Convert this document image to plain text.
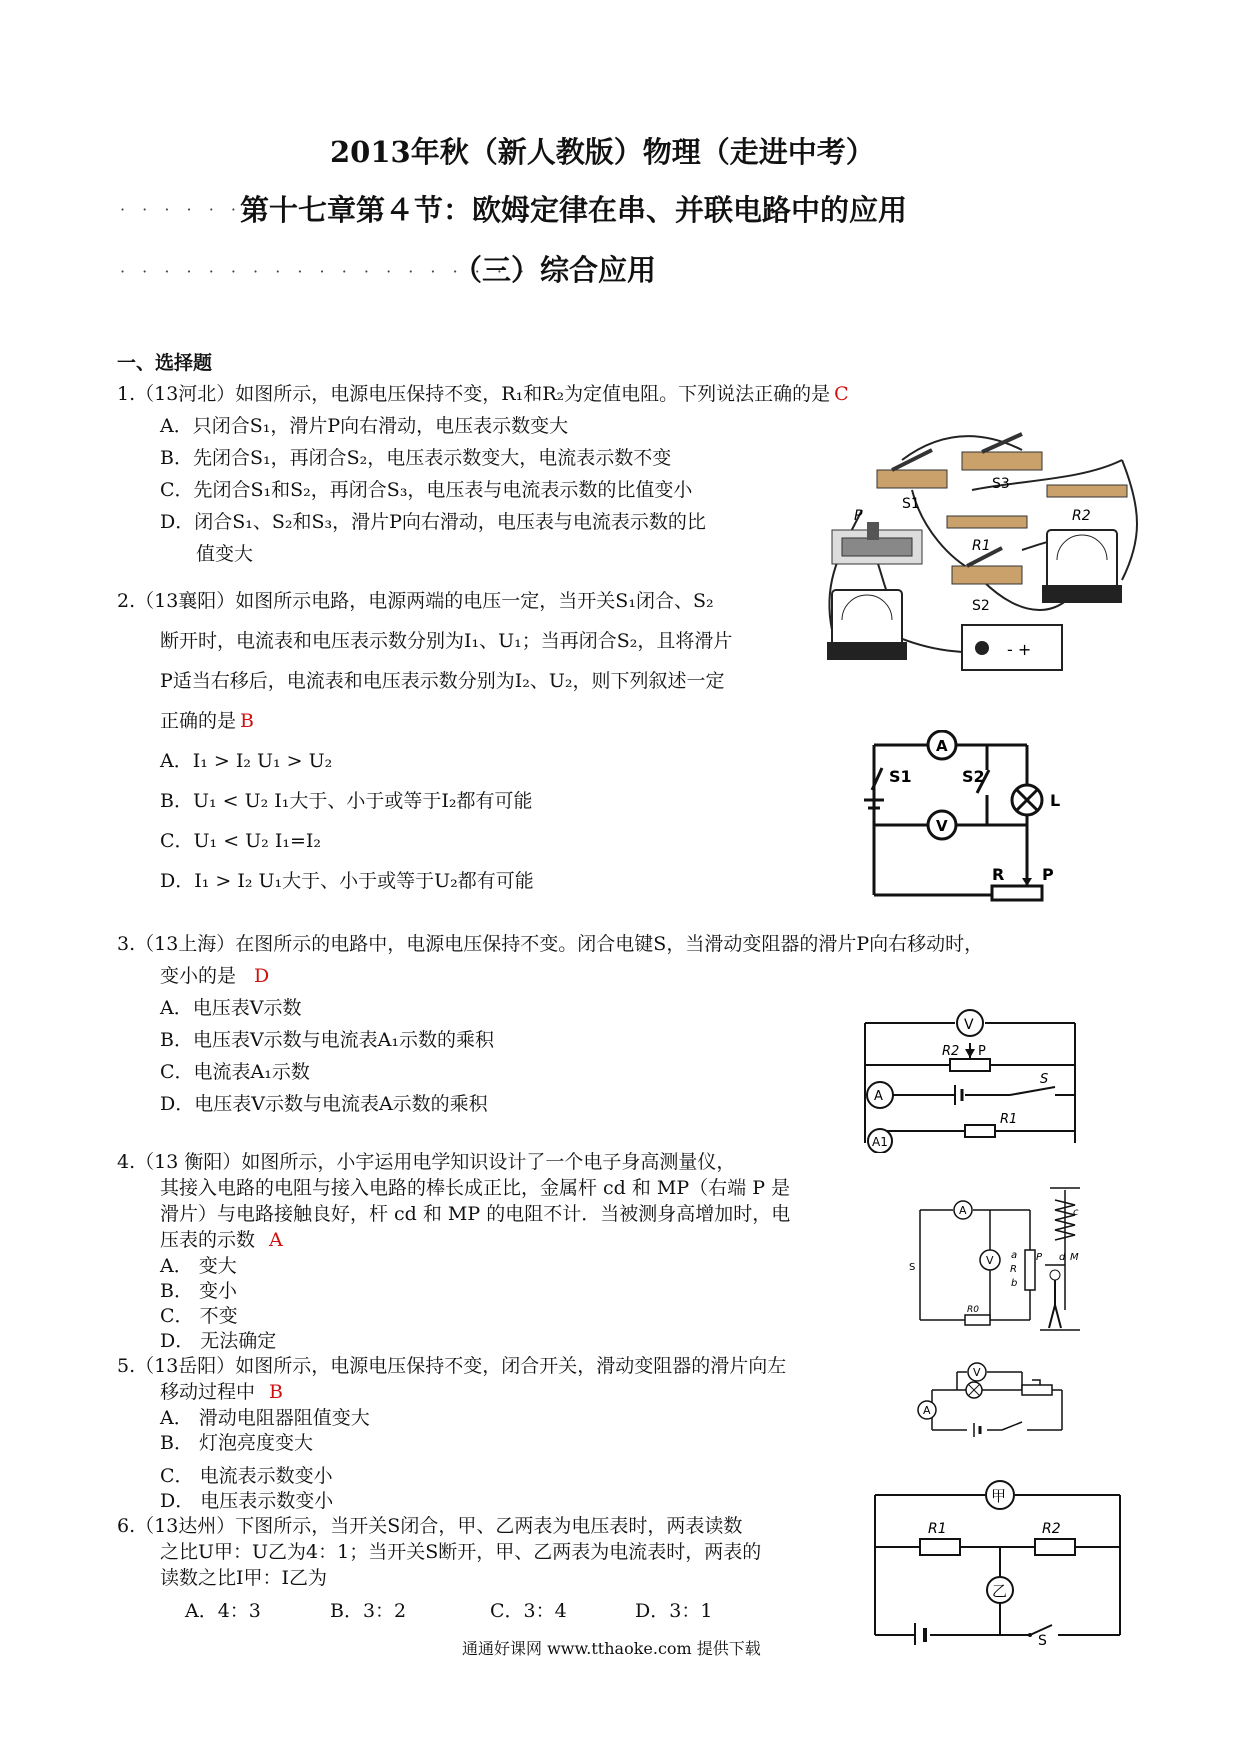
2013年秋（新人教版）物理（走进中考）
· · · · · · ·
第十七章第４节：欧姆定律在串、并联电路中的应用
· · · · · · · · · · · · · · · · · · ·
（三）综合应用
一、选择题
1.（13河北）如图所示，电源电压保持不变，R₁和R₂为定值电阻。下列说法正确的是 C
A．只闭合S₁，滑片P向右滑动，电压表示数变大
B．先闭合S₁，再闭合S₂，电压表示数变大，电流表示数不变
C．先闭合S₁和S₂，再闭合S₃，电压表与电流表示数的比值变小
D．闭合S₁、S₂和S₃，滑片P向右滑动，电压表与电流表示数的比
值变大
S1
S3
P
R1
R2
S2
- +
2.（13襄阳）如图所示电路，电源两端的电压一定，当开关S₁闭合、S₂
断开时，电流表和电压表示数分别为I₁、U₁；当再闭合S₂，且将滑片
P适当右移后，电流表和电压表示数分别为I₂、U₂，则下列叙述一定
正确的是 B
A．I₁ > I₂ U₁ > U₂
B．U₁ < U₂ I₁大于、小于或等于I₂都有可能
C．U₁ < U₂ I₁=I₂
D．I₁ > I₂ U₁大于、小于或等于U₂都有可能
A
S1	S2
L
V
R P
3.（13上海）在图所示的电路中，电源电压保持不变。闭合电键S，当滑动变阻器的滑片P向右移动时，
变小的是 D
A．电压表V示数
B．电压表V示数与电流表A₁示数的乘积
C．电流表A₁示数
D．电压表V示数与电流表A示数的乘积
V
R2 P
A
S
R1
A1
4.（13 衡阳）如图所示，小宇运用电学知识设计了一个电子身高测量仪，
其接入电路的电阻与接入电路的棒长成正比，金属杆 cd 和 MP（右端 P 是
滑片）与电路接触良好，杆 cd 和 MP 的电阻不计．当被测身高增加时，电
压表的示数 A
A． 变大
B． 变小
C． 不变
D． 无法确定
A
V a
R
b
P	M
c
d
S
R0
5.（13岳阳）如图所示，电源电压保持不变，闭合开关，滑动变阻器的滑片向左
移动过程中 B
A． 滑动电阻器阻值变大
B． 灯泡亮度变大
C． 电流表示数变小
D． 电压表示数变小
V
A
6.（13达州）下图所示，当开关S闭合，甲、乙两表为电压表时，两表读数
之比U甲：U乙为4：1；当开关S断开，甲、乙两表为电流表时，两表的
读数之比I甲：I乙为
A．4：3	B．3：2	C．3：4	D．3：1
甲
R1	R2
乙
S
通通好课网 www.tthaoke.com 提供下载
